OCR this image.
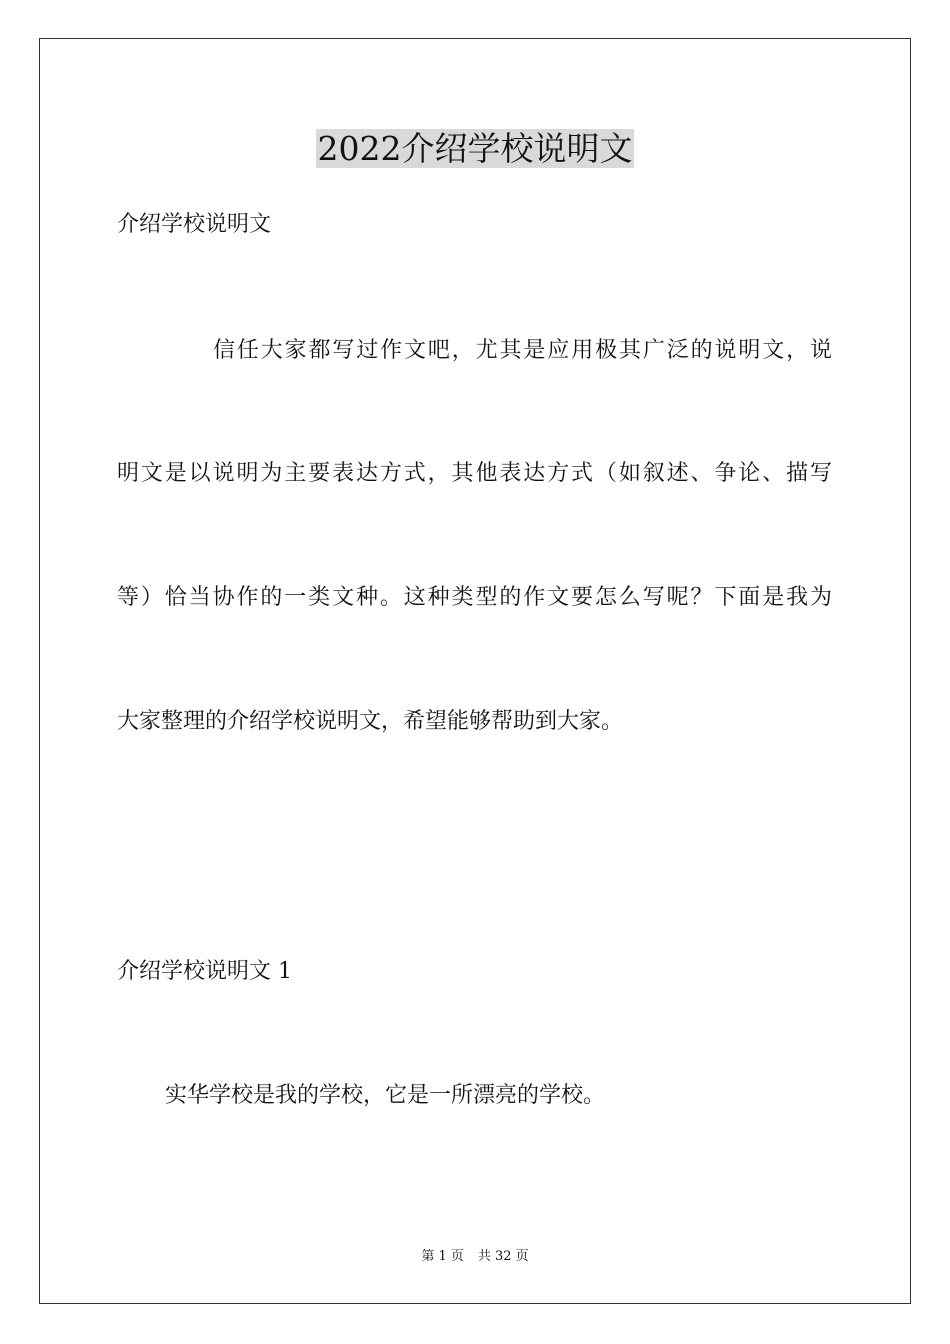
2022介绍学校说明文
介绍学校说明文
信任大家都写过作文吧，尤其是应用极其广泛的说明文，说
明文是以说明为主要表达方式，其他表达方式（如叙述、争论、描写
等）恰当协作的一类文种。这种类型的作文要怎么写呢？下面是我为
大家整理的介绍学校说明文，希望能够帮助到大家。
介绍学校说明文 1
实华学校是我的学校，它是一所漂亮的学校。
第 1 页 共 32 页
